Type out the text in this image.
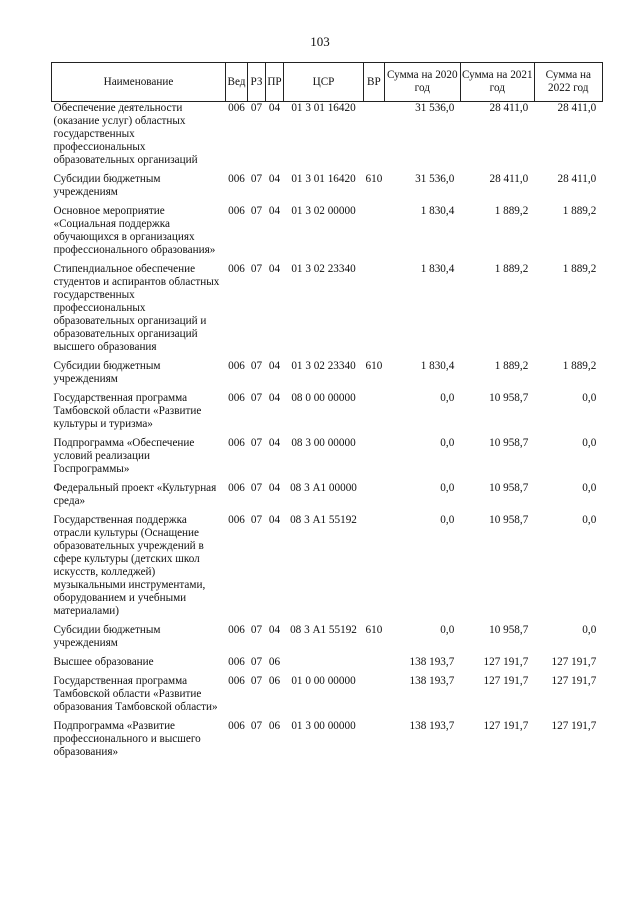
103
Наименование	Вед	РЗ	ПР	ЦСР	ВР	Сумма на 2020 год	Сумма на 2021 год	Сумма на 2022 год
Обеспечение деятельности (оказание услуг) областных государственных профессиональных образовательных организаций	006	07	04	01 3 01 16420		31 536,0	28 411,0	28 411,0
Субсидии бюджетным учреждениям	006	07	04	01 3 01 16420	610	31 536,0	28 411,0	28 411,0
Основное мероприятие «Социальная поддержка обучающихся в организациях профессионального образования»	006	07	04	01 3 02 00000		1 830,4	1 889,2	1 889,2
Стипендиальное обеспечение студентов и аспирантов областных государственных профессиональных образовательных организаций и образовательных организаций высшего образования	006	07	04	01 3 02 23340		1 830,4	1 889,2	1 889,2
Субсидии бюджетным учреждениям	006	07	04	01 3 02 23340	610	1 830,4	1 889,2	1 889,2
Государственная программа Тамбовской области «Развитие культуры и туризма»	006	07	04	08 0 00 00000		0,0	10 958,7	0,0
Подпрограмма «Обеспечение условий реализации Госпрограммы»	006	07	04	08 3 00 00000		0,0	10 958,7	0,0
Федеральный проект «Культурная среда»	006	07	04	08 3 А1 00000		0,0	10 958,7	0,0
Государственная поддержка отрасли культуры (Оснащение образовательных учреждений в сфере культуры (детских школ искусств, колледжей) музыкальными инструментами, оборудованием и учебными материалами)	006	07	04	08 3 А1 55192		0,0	10 958,7	0,0
Субсидии бюджетным учреждениям	006	07	04	08 3 А1 55192	610	0,0	10 958,7	0,0
Высшее образование	006	07	06			138 193,7	127 191,7	127 191,7
Государственная программа Тамбовской области «Развитие образования Тамбовской области»	006	07	06	01 0 00 00000		138 193,7	127 191,7	127 191,7
Подпрограмма «Развитие профессионального и высшего образования»	006	07	06	01 3 00 00000		138 193,7	127 191,7	127 191,7
